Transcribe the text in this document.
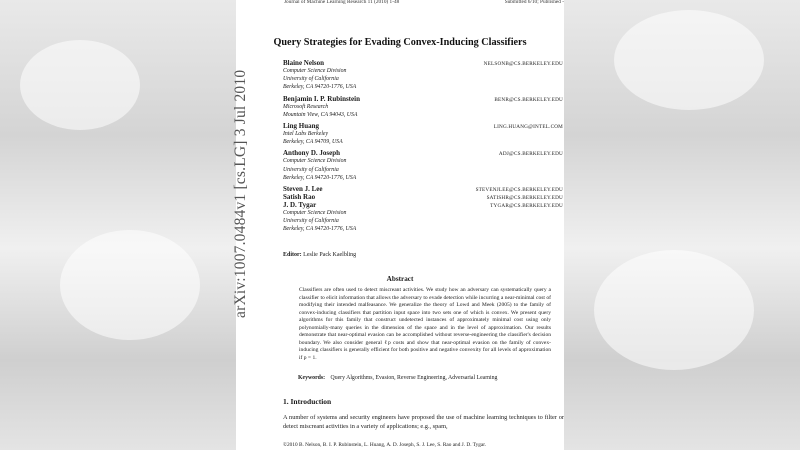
Journal of Machine Learning Research 11 (2010) 1-48	Submitted 6/10; Published -
Query Strategies for Evading Convex-Inducing Classifiers
Blaine Nelson	NELSONB@CS.BERKELEY.EDU
Computer Science Division
University of California
Berkeley, CA 94720-1776, USA
Benjamin I. P. Rubinstein	BENR@CS.BERKELEY.EDU
Microsoft Research
Mountain View, CA 94043, USA
Ling Huang	LING.HUANG@INTEL.COM
Intel Labs Berkeley
Berkeley, CA 94709, USA
Anthony D. Joseph	ADJ@CS.BERKELEY.EDU
Computer Science Division
University of California
Berkeley, CA 94720-1776, USA
Steven J. Lee	STEVENJLEE@CS.BERKELEY.EDU
Satish Rao	SATISHR@CS.BERKELEY.EDU
J. D. Tygar	TYGAR@CS.BERKELEY.EDU
Computer Science Division
University of California
Berkeley, CA 94720-1776, USA
Editor: Leslie Pack Kaelbling
Abstract
Classifiers are often used to detect miscreant activities. We study how an adversary can systematically query a classifier to elicit information that allows the adversary to evade detection while incurring a near-minimal cost of modifying their intended malfeasance. We generalize the theory of Lowd and Meek (2005) to the family of convex-inducing classifiers that partition input space into two sets one of which is convex. We present query algorithms for this family that construct undetected instances of approximately minimal cost using only polynomially-many queries in the dimension of the space and in the level of approximation. Our results demonstrate that near-optimal evasion can be accomplished without reverse-engineering the classifier's decision boundary. We also consider general ℓp costs and show that near-optimal evasion on the family of convex-inducing classifiers is generally efficient for both positive and negative convexity for all levels of approximation if p = 1.
Keywords: Query Algorithms, Evasion, Reverse Engineering, Adversarial Learning
1. Introduction
A number of systems and security engineers have proposed the use of machine learning techniques to filter or detect miscreant activities in a variety of applications; e.g., spam,
©2010 B. Nelson, B. I. P. Rubinstein, L. Huang, A. D. Joseph, S. J. Lee, S. Rao and J. D. Tygar.
arXiv:1007.0484v1 [cs.LG] 3 Jul 2010
